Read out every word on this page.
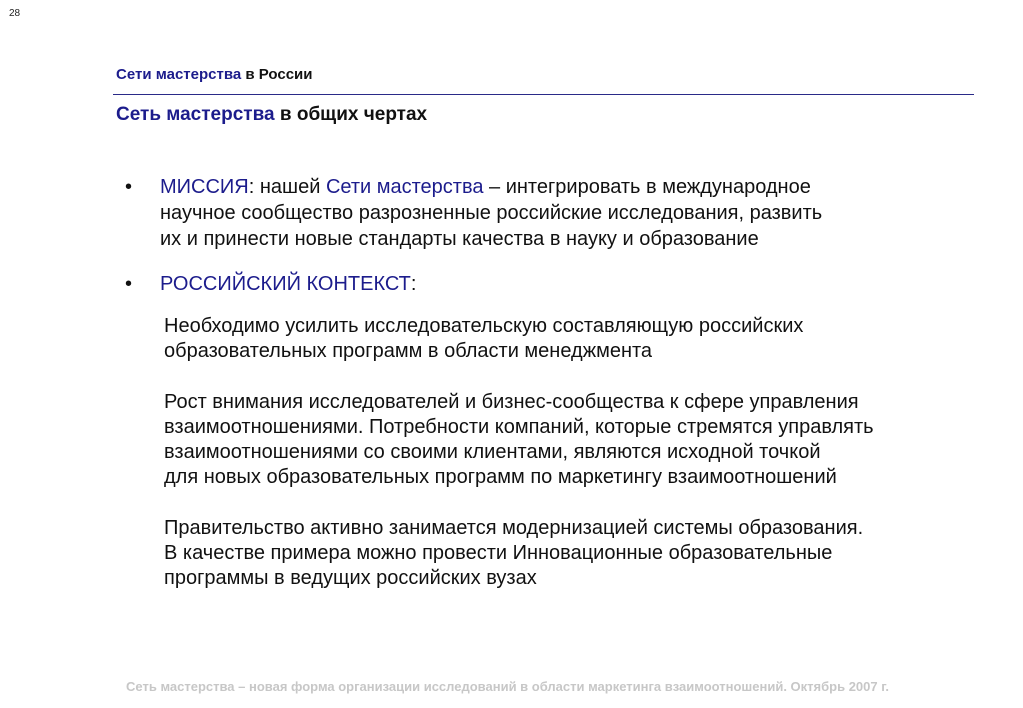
28
Сети мастерства в России
Сеть мастерства в общих чертах
•	МИССИЯ: нашей Сети мастерства – интегрировать в международное
научное сообщество разрозненные российские исследования, развить
их и принести новые стандарты качества в науку и образование
•	РОССИЙСКИЙ КОНТЕКСТ:
Необходимо усилить исследовательскую составляющую российских
образовательных программ в области менеджмента
Рост внимания исследователей и бизнес-сообщества к сфере управления
взаимоотношениями. Потребности компаний, которые стремятся управлять
взаимоотношениями со своими клиентами, являются исходной точкой
для новых образовательных программ по маркетингу взаимоотношений
Правительство активно занимается модернизацией системы образования.
В качестве примера можно провести Инновационные образовательные
программы в ведущих российских вузах
Сеть мастерства – новая форма организации исследований в области маркетинга взаимоотношений. Октябрь 2007 г.
